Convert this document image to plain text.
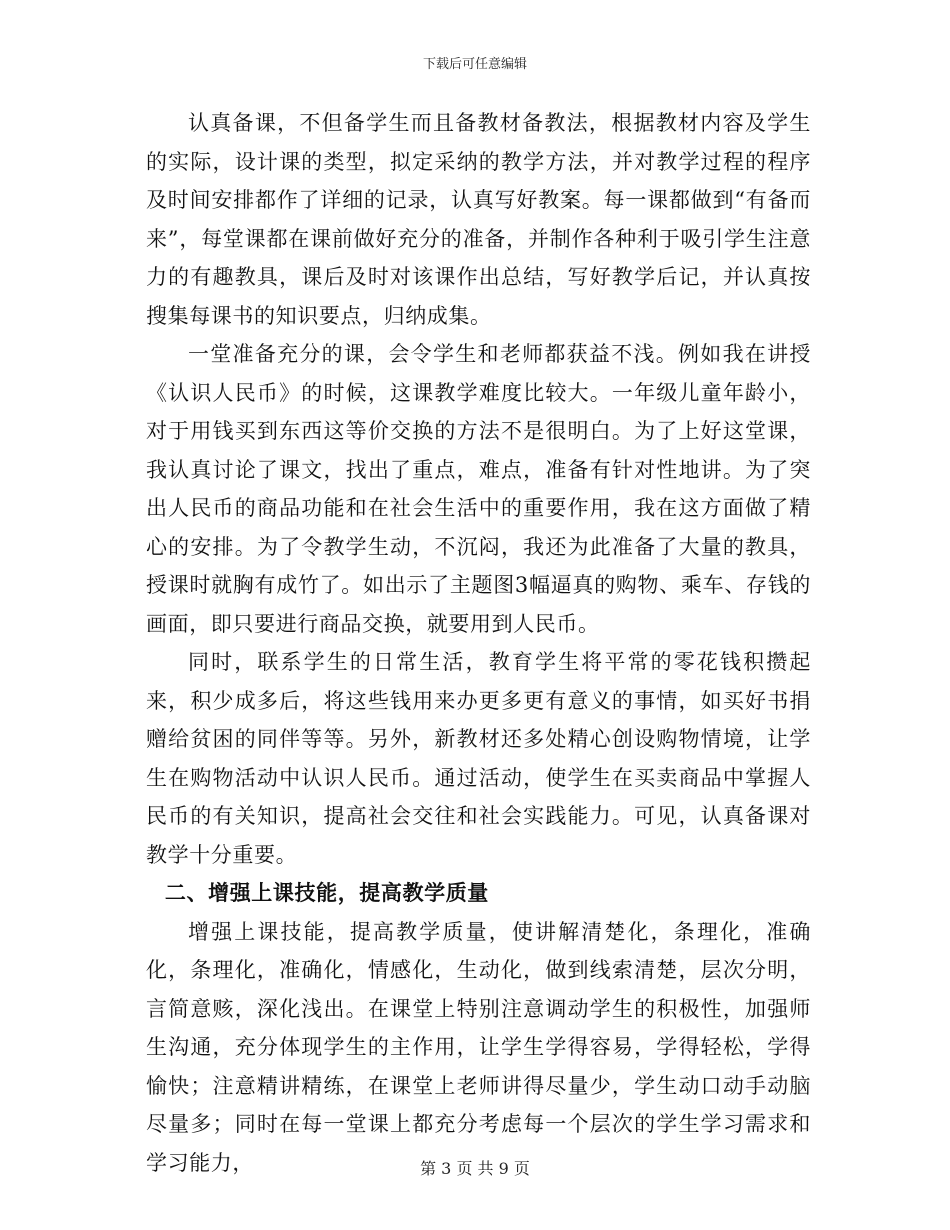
下载后可任意编辑

认真备课，不但备学生而且备教材备教法，根据教材内容及学生的实际，设计课的类型，拟定采纳的教学方法，并对教学过程的程序及时间安排都作了详细的记录，认真写好教案。每一课都做到“有备而来”，每堂课都在课前做好充分的准备，并制作各种利于吸引学生注意力的有趣教具，课后及时对该课作出总结，写好教学后记，并认真按搜集每课书的知识要点，归纳成集。

一堂准备充分的课，会令学生和老师都获益不浅。例如我在讲授《认识人民币》的时候，这课教学难度比较大。一年级儿童年龄小，对于用钱买到东西这等价交换的方法不是很明白。为了上好这堂课，我认真讨论了课文，找出了重点，难点，准备有针对性地讲。为了突出人民币的商品功能和在社会生活中的重要作用，我在这方面做了精心的安排。为了令教学生动，不沉闷，我还为此准备了大量的教具，授课时就胸有成竹了。如出示了主题图3幅逼真的购物、乘车、存钱的画面，即只要进行商品交换，就要用到人民币。

同时，联系学生的日常生活，教育学生将平常的零花钱积攒起来，积少成多后，将这些钱用来办更多更有意义的事情，如买好书捐赠给贫困的同伴等等。另外，新教材还多处精心创设购物情境，让学生在购物活动中认识人民币。通过活动，使学生在买卖商品中掌握人民币的有关知识，提高社会交往和社会实践能力。可见，认真备课对教学十分重要。

二、增强上课技能，提高教学质量

增强上课技能，提高教学质量，使讲解清楚化，条理化，准确化，条理化，准确化，情感化，生动化，做到线索清楚，层次分明，言简意赅，深化浅出。在课堂上特别注意调动学生的积极性，加强师生沟通，充分体现学生的主作用，让学生学得容易，学得轻松，学得愉快；注意精讲精练，在课堂上老师讲得尽量少，学生动口动手动脑尽量多；同时在每一堂课上都充分考虑每一个层次的学生学习需求和学习能力，	第 3 页 共 9 页
